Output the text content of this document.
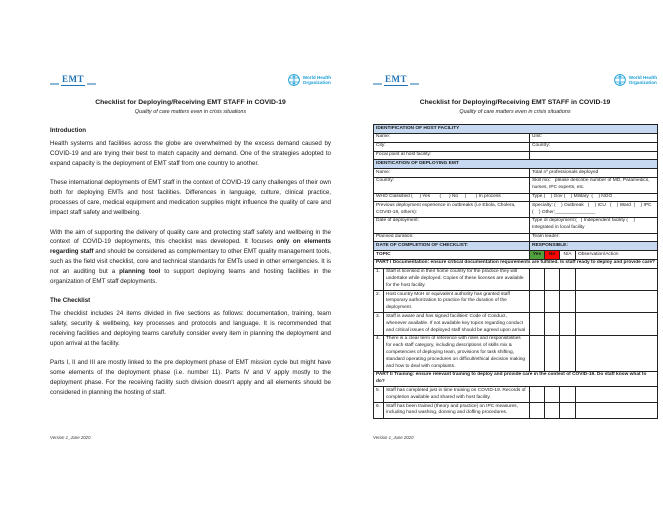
EMT	World Health
Organization
Checklist for Deploying/Receiving EMT STAFF in COVID-19
Quality of care matters even in crisis situations
Introduction

Health systems and facilities across the globe are overwhelmed by the excess demand caused by COVID-19 and are trying their best to match capacity and demand. One of the strategies adopted to expand capacity is the deployment of EMT staff from one country to another.

These international deployments of EMT staff in the context of COVID-19 carry challenges of their own both for deploying EMTs and host facilities. Differences in language, culture, clinical practice, processes of care, medical equipment and medication supplies might influence the quality of care and impact staff safety and wellbeing.

With the aim of supporting the delivery of quality care and protecting staff safety and wellbeing in the context of COVID-19 deployments, this checklist was developed. It focuses only on elements regarding staff and should be considered as complementary to other EMT quality management tools, such as the field visit checklist, core and technical standards for EMTs used in other emergencies. It is not an auditing but a planning tool to support deploying teams and hosting facilities in the organization of EMT staff deployments.

The Checklist

The checklist includes 24 items divided in five sections as follows: documentation, training, team safety, security & wellbeing, key processes and protocols and language. It is recommended that receiving facilities and deploying teams carefully consider every item in planning the deployment and upon arrival at the facility.

Parts I, II and III are mostly linked to the pre deployment phase of EMT mission cycle but might have some elements of the deployment phase (i.e. number 11). Parts IV and V apply mostly to the deployment phase. For the receiving facility such division doesn't apply and all elements should be considered in planning the hosting of staff.

Version 1_June 2020
EMT	World Health
Organization
Checklist for Deploying/Receiving EMT STAFF in COVID-19
Quality of care matters even in crisis situations
IDENTIFICATION OF HOST FACILITY					
Name:		Unit:			
City:		Country:			
Focal point at host facility:					
IDENTICATION OF DEPLOYING EMT					
Name:		Total nº professionals deployed			
Country:		Skill mix:   please describe number of MD, Paramedics, nurses, IPC experts, etc.			
WHO Classified (     ) Yes       (      ) No     (       ) In process		Type (    ) Gov (    ) Military  (    ) NGO			
Previous deployment experience in outbreaks (i.e Ebola, Cholera, COVID-19, others):		Specialty: (    ) Outbreak   (    ) ICU   (    ) Ward  (    ) IPC   (    ) Other:_______________			
Date of deployment:		Type of deployment:(   ) Independent facility (    ) Integrated in local facility			
Planned duration:		Team leader:			
DATE OF COMPLETION OF CHECKLIST:		RESPONSIBLE:			
TOPIC		Yes	No	N/A	Observation/Action
PART I Documentation: ensure critical documentation requirements are fulfilled. Is staff ready to deploy and provide care?					
1.	Staff is licensed in their home country for the practice they will undertake while deployed. Copies of these licenses are available for the host facility.				
2.	Host country MoH or equivalent authority has granted staff temporary authorization to practice for the duration of the deployment.				
3.	Staff is aware and has signed facilities' Code of Conduct, whenever available. If not available key topics regarding conduct and critical issues of deployed staff should be agreed upon arrival				
4.	There is a clear term of reference with roles and responsibilities for each staff category, including descriptions of skills mix & competencies of deploying team, provisions for task shifting, standard operating procedures on difficult/ethical decision making and how to deal with complaints.				
PART II Training: ensure relevant training to deploy and provide care in the context of COVID-19. Do staff know what to do?					
5.	Staff has completed just in time training on COVID-19. Records of completion available and shared with host facility.				
6.	Staff has been trained (theory and practice) on IPC measures, including hand washing, donning and doffing procedures.				
Version 1_June 2020
